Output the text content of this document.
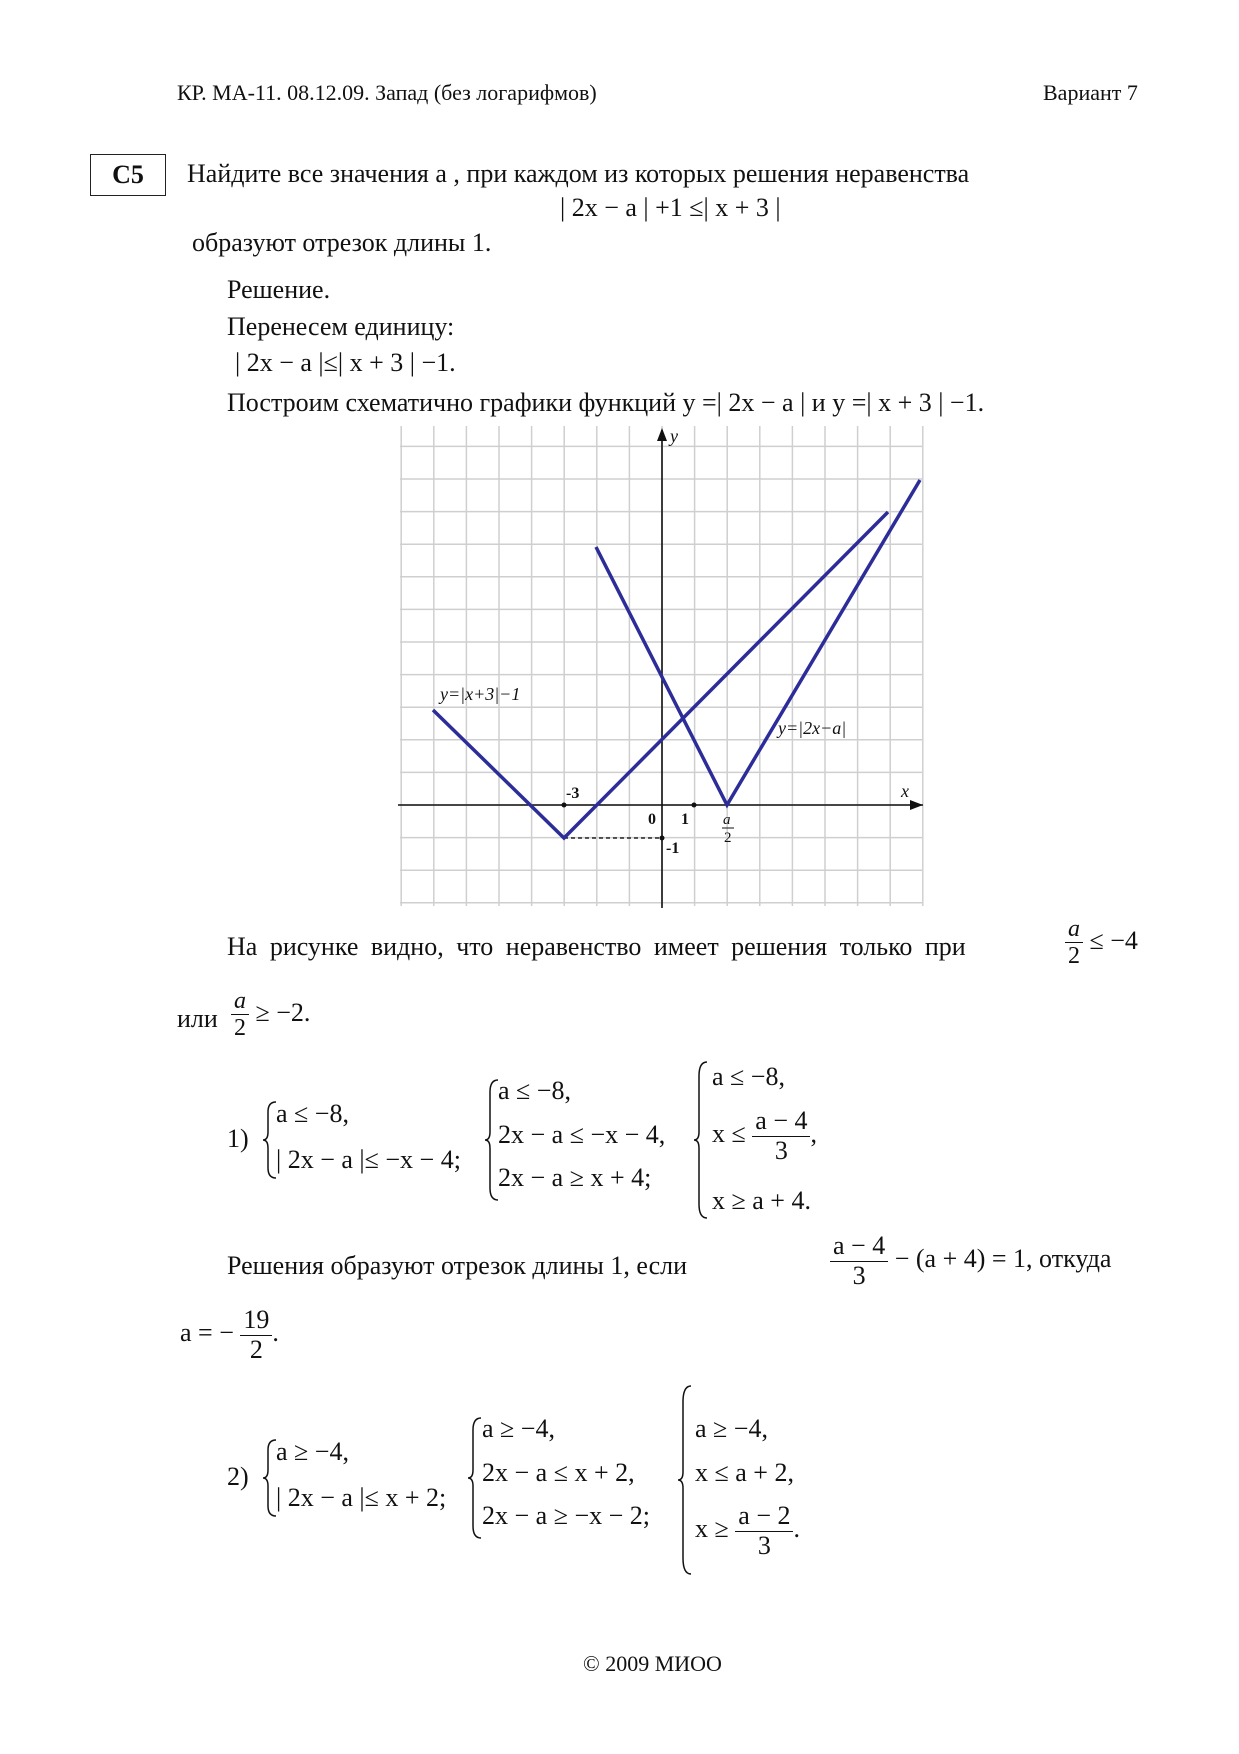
КР. МА-11. 08.12.09. Запад (без логарифмов)	Вариант 7
С5	Найдите все значения a , при каждом из которых решения неравенства
| 2x − a | +1 ≤| x + 3 |
образуют отрезок длины 1.
Решение.
Перенесем единицу:
| 2x − a |≤| x + 3 | −1.
Построим схематично графики функций y =| 2x − a | и y =| x + 3 | −1.
y=|x+3|−1
y=|2x−a|
x
y
-3
0 1
-1
a
2
На рисунке видно, что неравенство имеет решения только при	$\frac{a}{2} \le -4$
или $\frac{a}{2} \ge -2$.
1)
a ≤ −8,
| 2x − a |≤ −x − 4;
a ≤ −8,
2x − a ≤ −x − 4,
2x − a ≥ x + 4;
a ≤ −8,
$x \le \frac{a - 4}{3}$ ,
x ≥ a + 4.
Решения образуют отрезок длины 1, если	$\frac{a - 4}{3} - (a + 4) = 1$, откуда
a = − $\frac{19}{2}$ .
2)
a ≥ −4,
| 2x − a |≤ x + 2;
a ≥ −4,
2x − a ≤ x + 2,
2x − a ≥ −x − 2;
a ≥ −4,
x ≤ a + 2,
$x \ge \frac{a - 2}{3}$ .
© 2009 МИОО
